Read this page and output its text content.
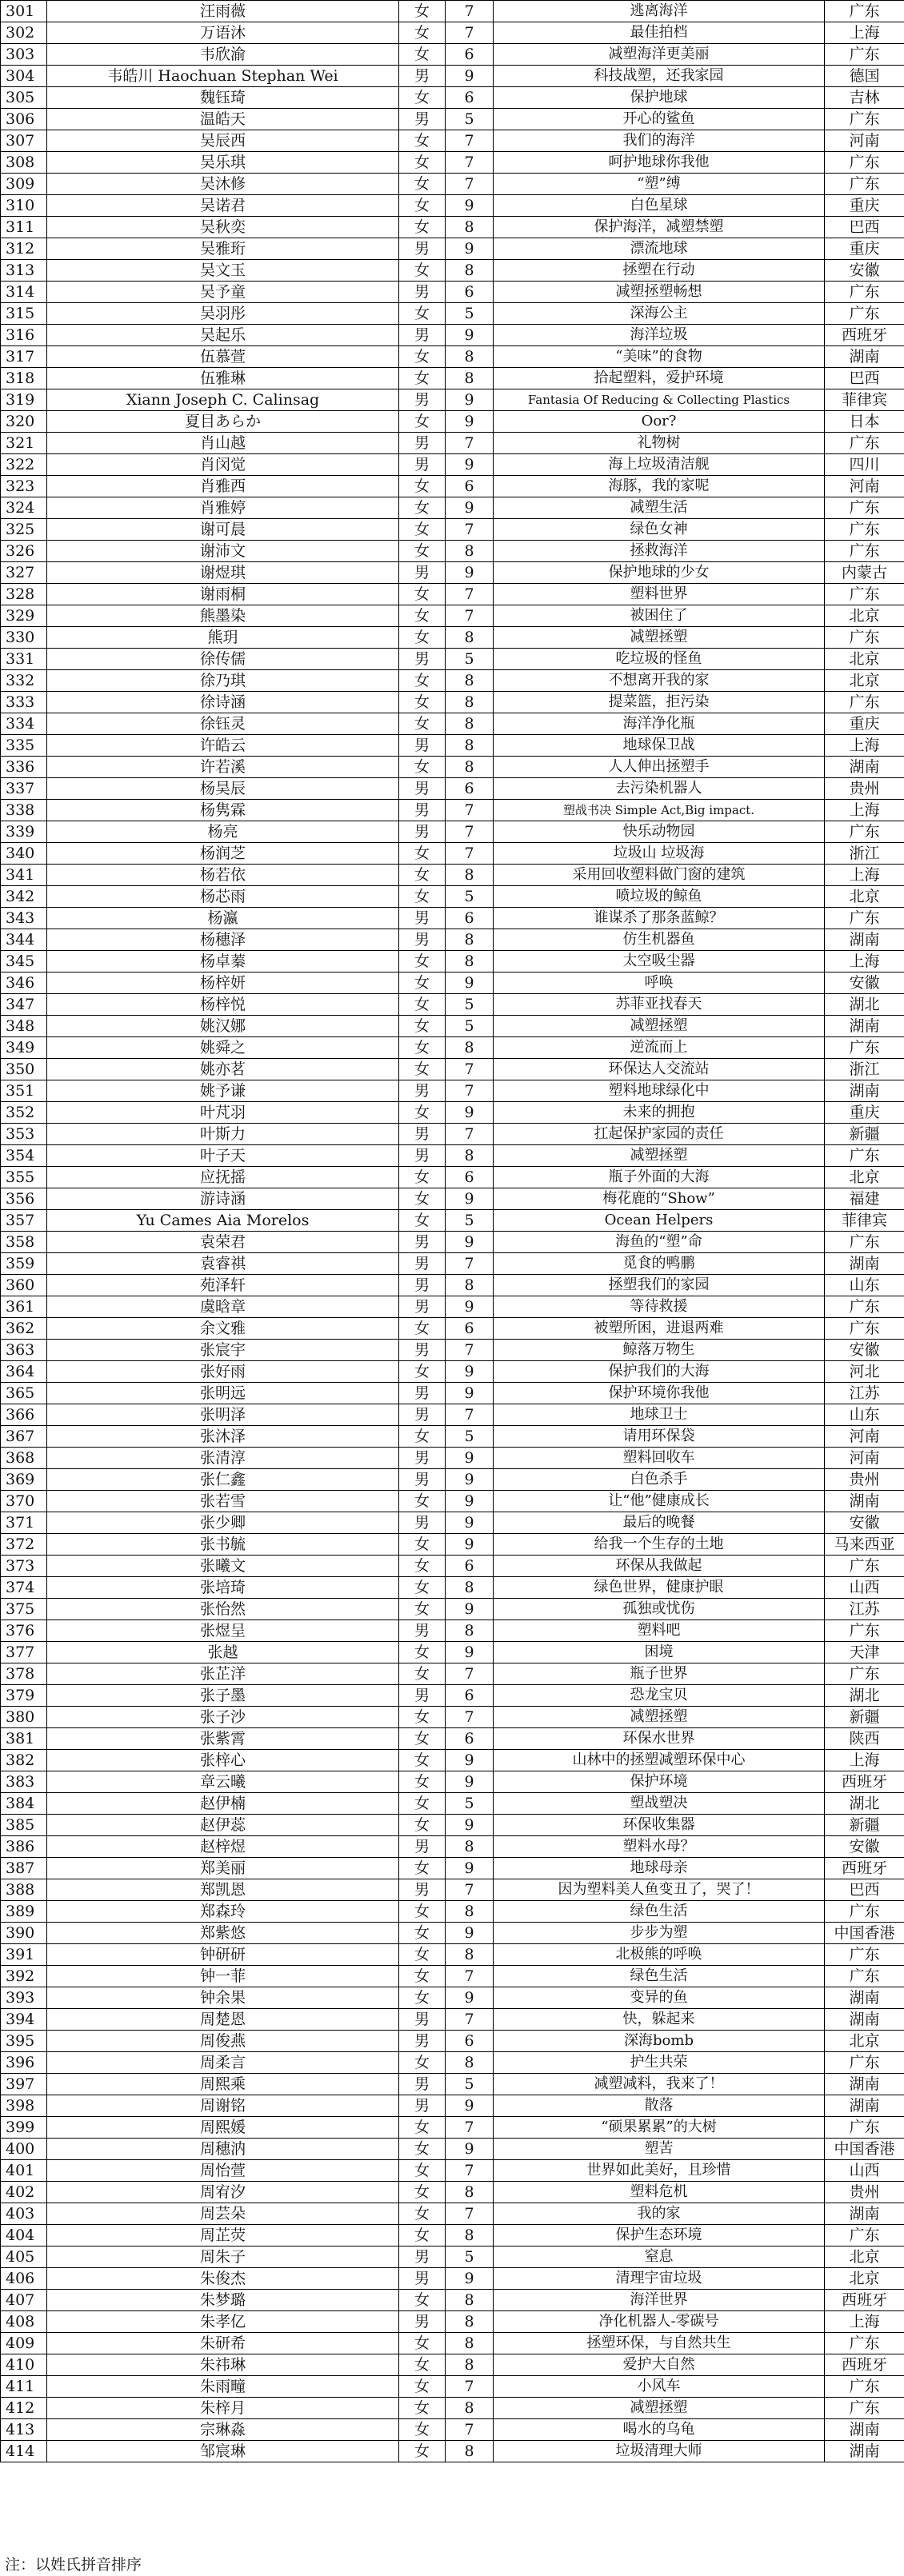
301	汪雨薇	女	7	逃离海洋	广东
302	万语沐	女	7	最佳拍档	上海
303	韦欣渝	女	6	减塑海洋更美丽	广东
304	韦皓川 Haochuan Stephan Wei	男	9	科技战塑，还我家园	德国
305	魏钰琦	女	6	保护地球	吉林
306	温皓天	男	5	开心的鲨鱼	广东
307	吴辰西	女	7	我们的海洋	河南
308	吴乐琪	女	7	呵护地球你我他	广东
309	吴沐修	女	7	“塑”缚	广东
310	吴诺君	女	9	白色星球	重庆
311	吴秋奕	女	8	保护海洋，减塑禁塑	巴西
312	吴雅珩	男	9	漂流地球	重庆
313	吴文玉	女	8	拯塑在行动	安徽
314	吴予童	男	6	减塑拯塑畅想	广东
315	吴羽彤	女	5	深海公主	广东
316	吴起乐	男	9	海洋垃圾	西班牙
317	伍慕萱	女	8	“美味”的食物	湖南
318	伍雅琳	女	8	拾起塑料，爱护环境	巴西
319	Xiann Joseph C. Calinsag	男	9	Fantasia Of Reducing & Collecting Plastics	菲律宾
320	夏目あらか	女	9	Oor?	日本
321	肖山越	男	7	礼物树	广东
322	肖闵觉	男	9	海上垃圾清洁舰	四川
323	肖雅西	女	6	海豚，我的家呢	河南
324	肖雅婷	女	9	减塑生活	广东
325	谢可晨	女	7	绿色女神	广东
326	谢沛文	女	8	拯救海洋	广东
327	谢煜琪	男	9	保护地球的少女	内蒙古
328	谢雨桐	女	7	塑料世界	广东
329	熊墨染	女	7	被困住了	北京
330	熊玥	女	8	减塑拯塑	广东
331	徐传儒	男	5	吃垃圾的怪鱼	北京
332	徐乃琪	女	8	不想离开我的家	北京
333	徐诗涵	女	8	提菜篮，拒污染	广东
334	徐钰灵	女	8	海洋净化瓶	重庆
335	许皓云	男	8	地球保卫战	上海
336	许若溪	女	8	人人伸出拯塑手	湖南
337	杨昊辰	男	6	去污染机器人	贵州
338	杨隽霖	男	7	塑战书决 Simple Act,Big impact.	上海
339	杨亮	男	7	快乐动物园	广东
340	杨润芝	女	7	垃圾山 垃圾海	浙江
341	杨若依	女	8	采用回收塑料做门窗的建筑	上海
342	杨芯雨	女	5	喷垃圾的鲸鱼	北京
343	杨瀛	男	6	谁谋杀了那条蓝鲸？	广东
344	杨穗泽	男	8	仿生机器鱼	湖南
345	杨卓蓁	女	8	太空吸尘器	上海
346	杨梓妍	女	9	呼唤	安徽
347	杨梓悦	女	5	苏菲亚找春天	湖北
348	姚汉娜	女	5	减塑拯塑	湖南
349	姚舜之	女	8	逆流而上	广东
350	姚亦茗	女	7	环保达人交流站	浙江
351	姚予谦	男	7	塑料地球绿化中	湖南
352	叶芃羽	女	9	未来的拥抱	重庆
353	叶斯力	男	7	扛起保护家园的责任	新疆
354	叶子天	男	8	减塑拯塑	广东
355	应抚摇	女	6	瓶子外面的大海	北京
356	游诗涵	女	9	梅花鹿的“Show”	福建
357	Yu Cames Aia Morelos	女	5	Ocean Helpers	菲律宾
358	袁荣君	男	9	海鱼的“塑”命	广东
359	袁睿祺	男	7	觅食的鸭鹏	湖南
360	苑泽轩	男	8	拯塑我们的家园	山东
361	虞晗章	男	9	等待救援	广东
362	余文雅	女	6	被塑所困，进退两难	广东
363	张宸宇	男	7	鲸落万物生	安徽
364	张好雨	女	9	保护我们的大海	河北
365	张明远	男	9	保护环境你我他	江苏
366	张明泽	男	7	地球卫士	山东
367	张沐泽	女	5	请用环保袋	河南
368	张清淳	男	9	塑料回收车	河南
369	张仁鑫	男	9	白色杀手	贵州
370	张若雪	女	9	让“他”健康成长	湖南
371	张少卿	男	9	最后的晚餐	安徽
372	张书毓	女	9	给我一个生存的土地	马来西亚
373	张曦文	女	6	环保从我做起	广东
374	张培琦	女	8	绿色世界，健康护眼	山西
375	张怡然	女	9	孤独或忧伤	江苏
376	张煜呈	男	8	塑料吧	广东
377	张越	女	9	困境	天津
378	张芷洋	女	7	瓶子世界	广东
379	张子墨	男	6	恐龙宝贝	湖北
380	张子沙	女	7	减塑拯塑	新疆
381	张紫霄	女	6	环保水世界	陕西
382	张梓心	女	9	山林中的拯塑减塑环保中心	上海
383	章云曦	女	9	保护环境	西班牙
384	赵伊楠	女	5	塑战塑决	湖北
385	赵伊蕊	女	9	环保收集器	新疆
386	赵梓煜	男	8	塑料水母？	安徽
387	郑美丽	女	9	地球母亲	西班牙
388	郑凯恩	男	7	因为塑料美人鱼变丑了，哭了！	巴西
389	郑森玲	女	8	绿色生活	广东
390	郑紫悠	女	9	步步为塑	中国香港
391	钟研研	女	8	北极熊的呼唤	广东
392	钟一菲	女	7	绿色生活	广东
393	钟余果	女	9	变异的鱼	湖南
394	周楚恩	男	7	快，躲起来	湖南
395	周俊燕	男	6	深海bomb	北京
396	周柔言	女	8	护生共荣	广东
397	周熙乘	男	5	减塑减料，我来了！	湖南
398	周谢铭	男	9	散落	湖南
399	周熙媛	女	7	“硕果累累”的大树	广东
400	周穗汭	女	9	塑苦	中国香港
401	周怡萱	女	7	世界如此美好，且珍惜	山西
402	周宥汐	女	8	塑料危机	贵州
403	周芸朵	女	7	我的家	湖南
404	周芷荧	女	8	保护生态环境	广东
405	周朱子	男	5	窒息	北京
406	朱俊杰	男	9	清理宇宙垃圾	北京
407	朱梦璐	女	8	海洋世界	西班牙
408	朱孝亿	男	8	净化机器人-零碳号	上海
409	朱研希	女	8	拯塑环保，与自然共生	广东
410	朱祎琳	女	8	爱护大自然	西班牙
411	朱雨疃	女	7	小风车	广东
412	朱梓月	女	8	减塑拯塑	广东
413	宗琳淼	女	7	喝水的乌龟	湖南
414	邹宸琳	女	8	垃圾清理大师	湖南
注：以姓氏拼音排序
